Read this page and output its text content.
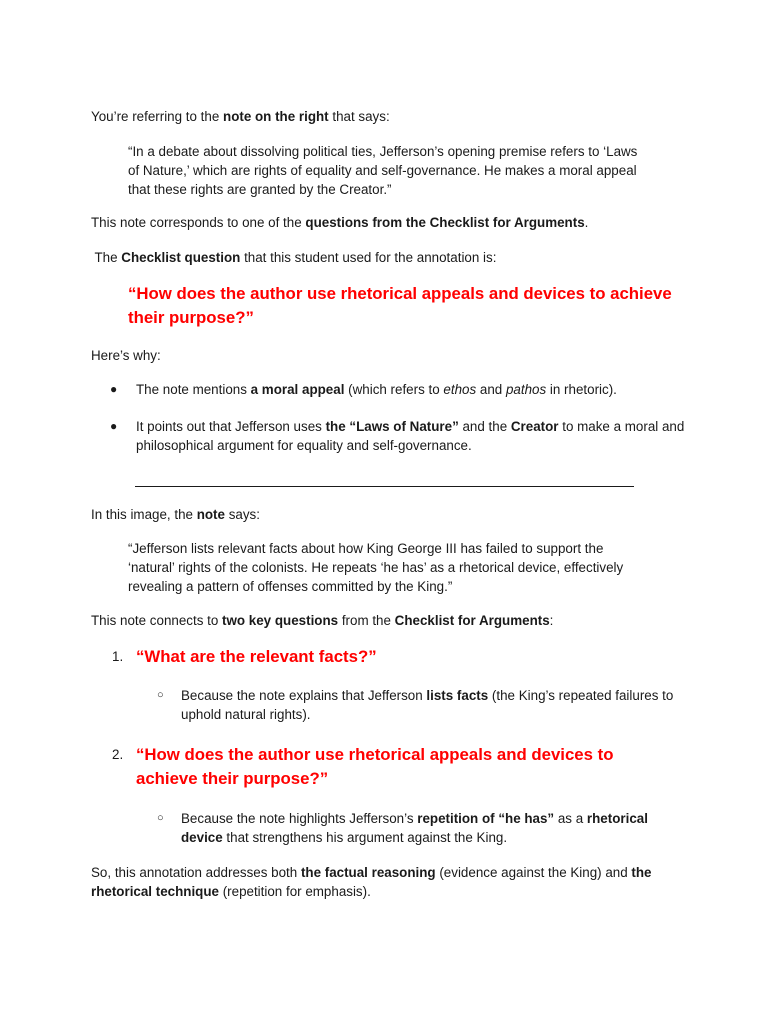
You’re referring to the note on the right that says:

“In a debate about dissolving political ties, Jefferson’s opening premise refers to ‘Laws of Nature,’ which are rights of equality and self-governance. He makes a moral appeal that these rights are granted by the Creator.”

This note corresponds to one of the questions from the Checklist for Arguments.

The Checklist question that this student used for the annotation is:

“How does the author use rhetorical appeals and devices to achieve their purpose?”

Here’s why:

●	The note mentions a moral appeal (which refers to ethos and pathos in rhetoric).
●	It points out that Jefferson uses the “Laws of Nature” and the Creator to make a moral and philosophical argument for equality and self-governance.

In this image, the note says:

“Jefferson lists relevant facts about how King George III has failed to support the ‘natural’ rights of the colonists. He repeats ‘he has’ as a rhetorical device, effectively revealing a pattern of offenses committed by the King.”

This note connects to two key questions from the Checklist for Arguments:

1. “What are the relevant facts?”
○ Because the note explains that Jefferson lists facts (the King’s repeated failures to uphold natural rights).
2. “How does the author use rhetorical appeals and devices to achieve their purpose?”
○ Because the note highlights Jefferson’s repetition of “he has” as a rhetorical device that strengthens his argument against the King.

So, this annotation addresses both the factual reasoning (evidence against the King) and the rhetorical technique (repetition for emphasis).
